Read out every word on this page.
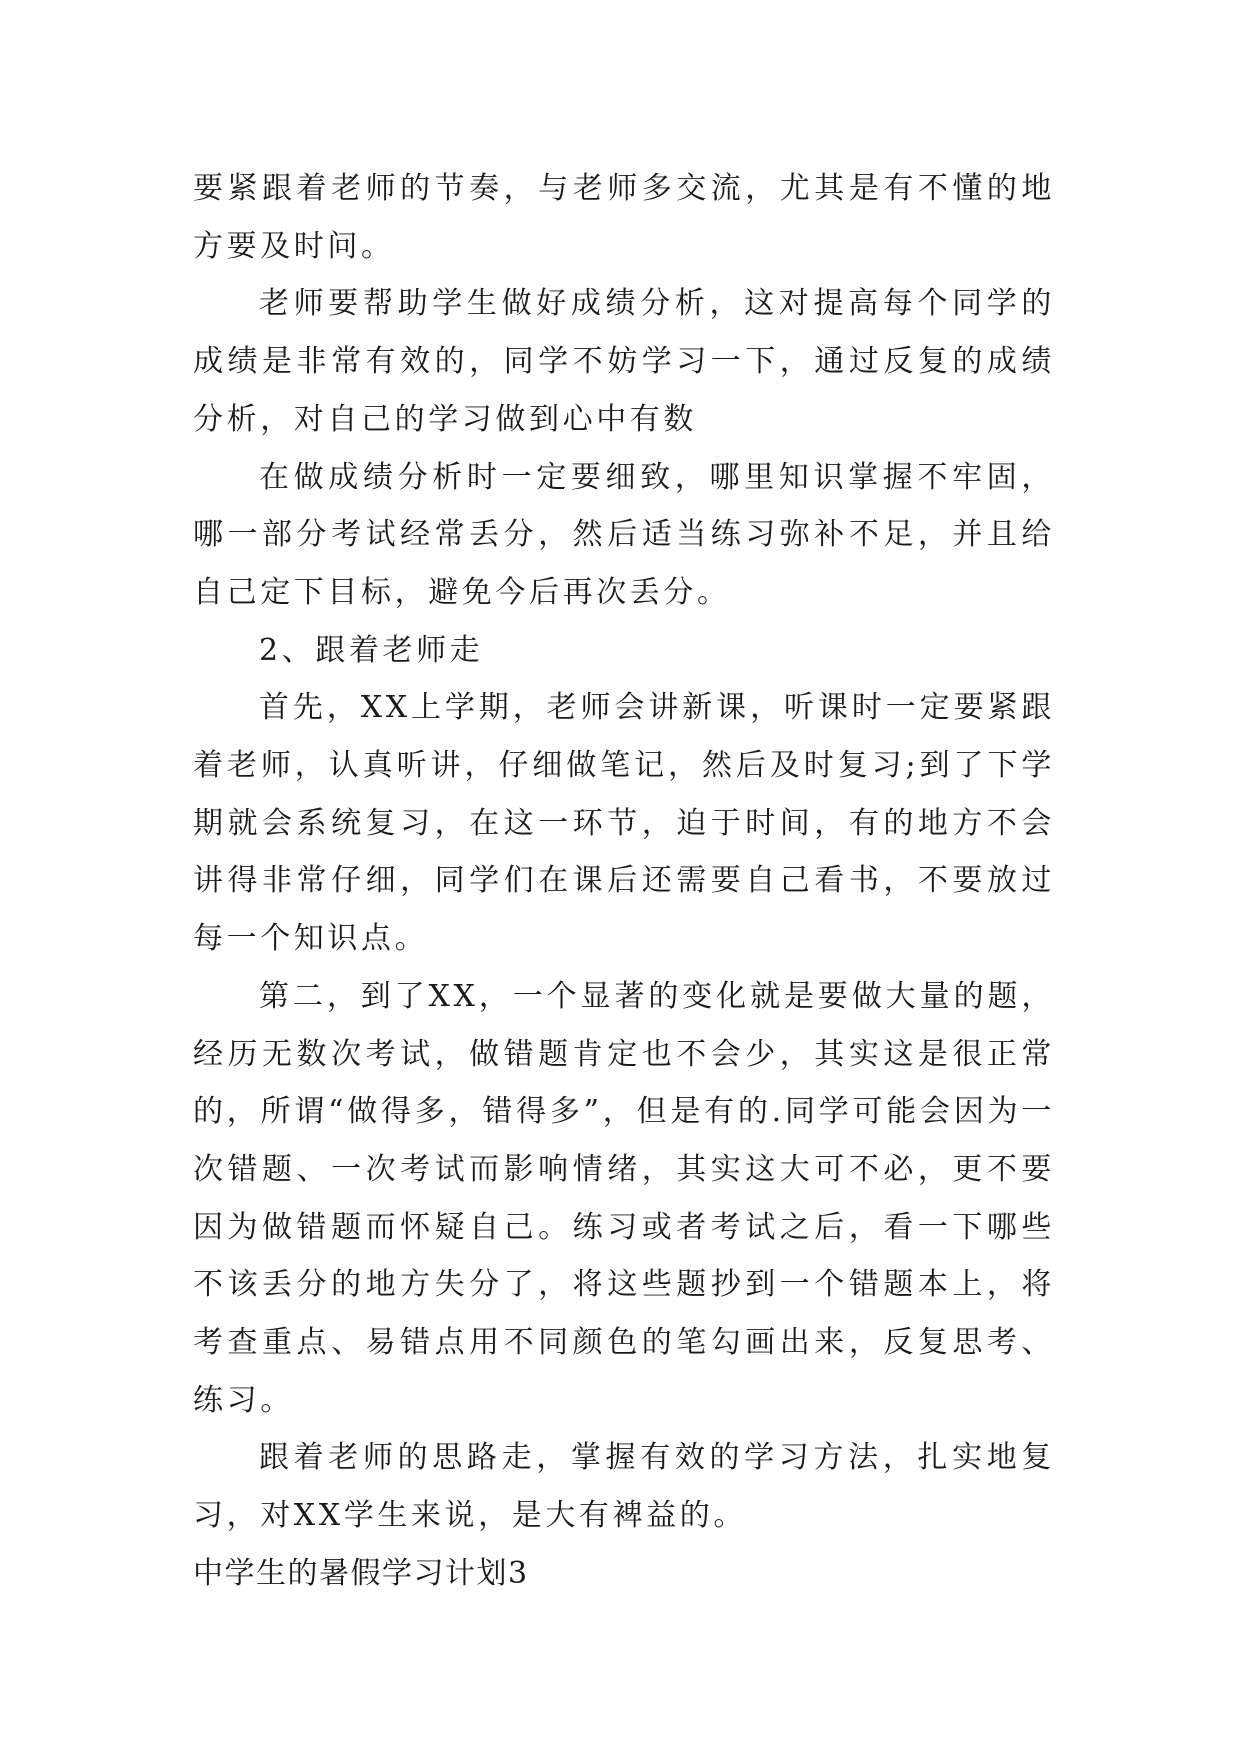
要紧跟着老师的节奏，与老师多交流，尤其是有不懂的地方要及时问。

老师要帮助学生做好成绩分析，这对提高每个同学的成绩是非常有效的，同学不妨学习一下，通过反复的成绩分析，对自己的学习做到心中有数

在做成绩分析时一定要细致，哪里知识掌握不牢固，哪一部分考试经常丢分，然后适当练习弥补不足，并且给自己定下目标，避免今后再次丢分。

2、跟着老师走

首先，XX上学期，老师会讲新课，听课时一定要紧跟着老师，认真听讲，仔细做笔记，然后及时复习;到了下学期就会系统复习，在这一环节，迫于时间，有的地方不会讲得非常仔细，同学们在课后还需要自己看书，不要放过每一个知识点。

第二，到了XX，一个显著的变化就是要做大量的题，经历无数次考试，做错题肯定也不会少，其实这是很正常的，所谓“做得多，错得多”，但是有的.同学可能会因为一次错题、一次考试而影响情绪，其实这大可不必，更不要因为做错题而怀疑自己。练习或者考试之后，看一下哪些不该丢分的地方失分了，将这些题抄到一个错题本上，将考查重点、易错点用不同颜色的笔勾画出来，反复思考、练习。

跟着老师的思路走，掌握有效的学习方法，扎实地复习，对XX学生来说，是大有裨益的。

中学生的暑假学习计划3
